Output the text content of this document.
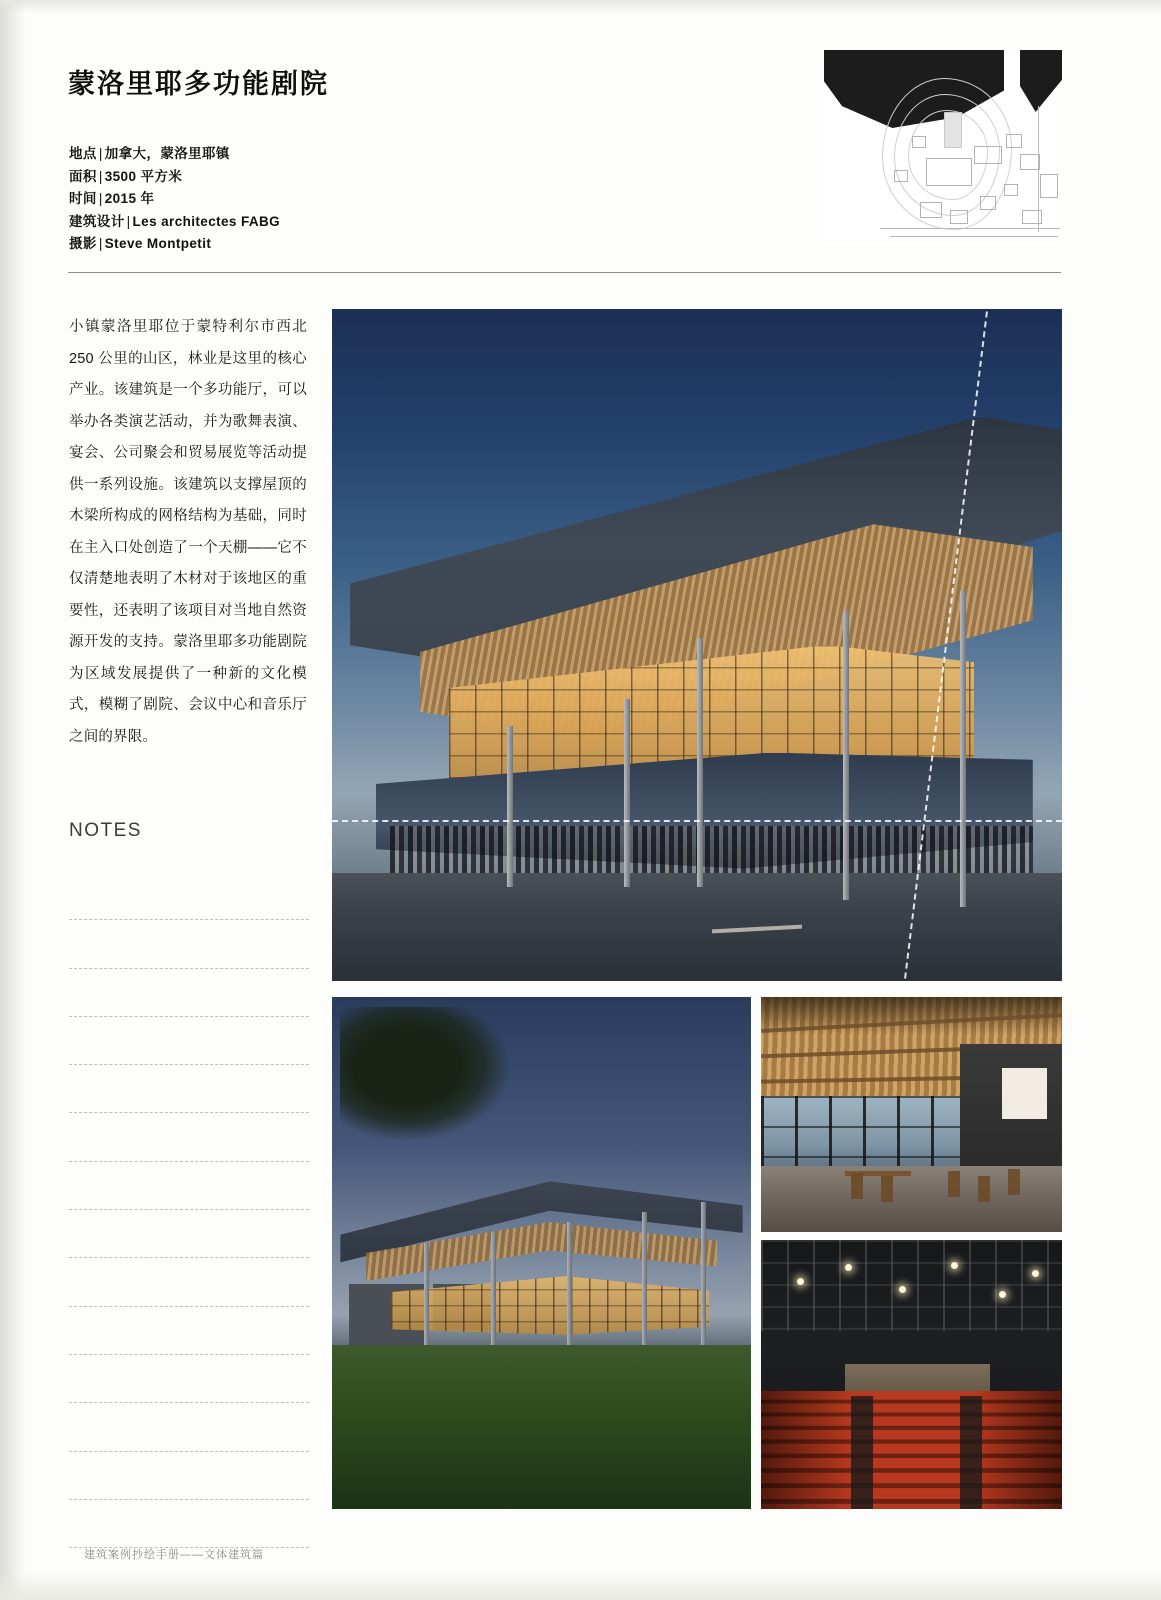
蒙洛里耶多功能剧院
地点 | 加拿大，蒙洛里耶镇
面积 | 3500 平方米
时间 | 2015 年
建筑设计 | Les architectes FABG
摄影 | Steve Montpetit
小镇蒙洛里耶位于蒙特利尔市西北 250 公里的山区，林业是这里的核心产业。该建筑是一个多功能厅，可以举办各类演艺活动，并为歌舞表演、宴会、公司聚会和贸易展览等活动提供一系列设施。该建筑以支撑屋顶的木梁所构成的网格结构为基础，同时在主入口处创造了一个天棚——它不仅清楚地表明了木材对于该地区的重要性，还表明了该项目对当地自然资源开发的支持。蒙洛里耶多功能剧院为区域发展提供了一种新的文化模式，模糊了剧院、会议中心和音乐厅之间的界限。
NOTES
建筑案例抄绘手册——文体建筑篇
